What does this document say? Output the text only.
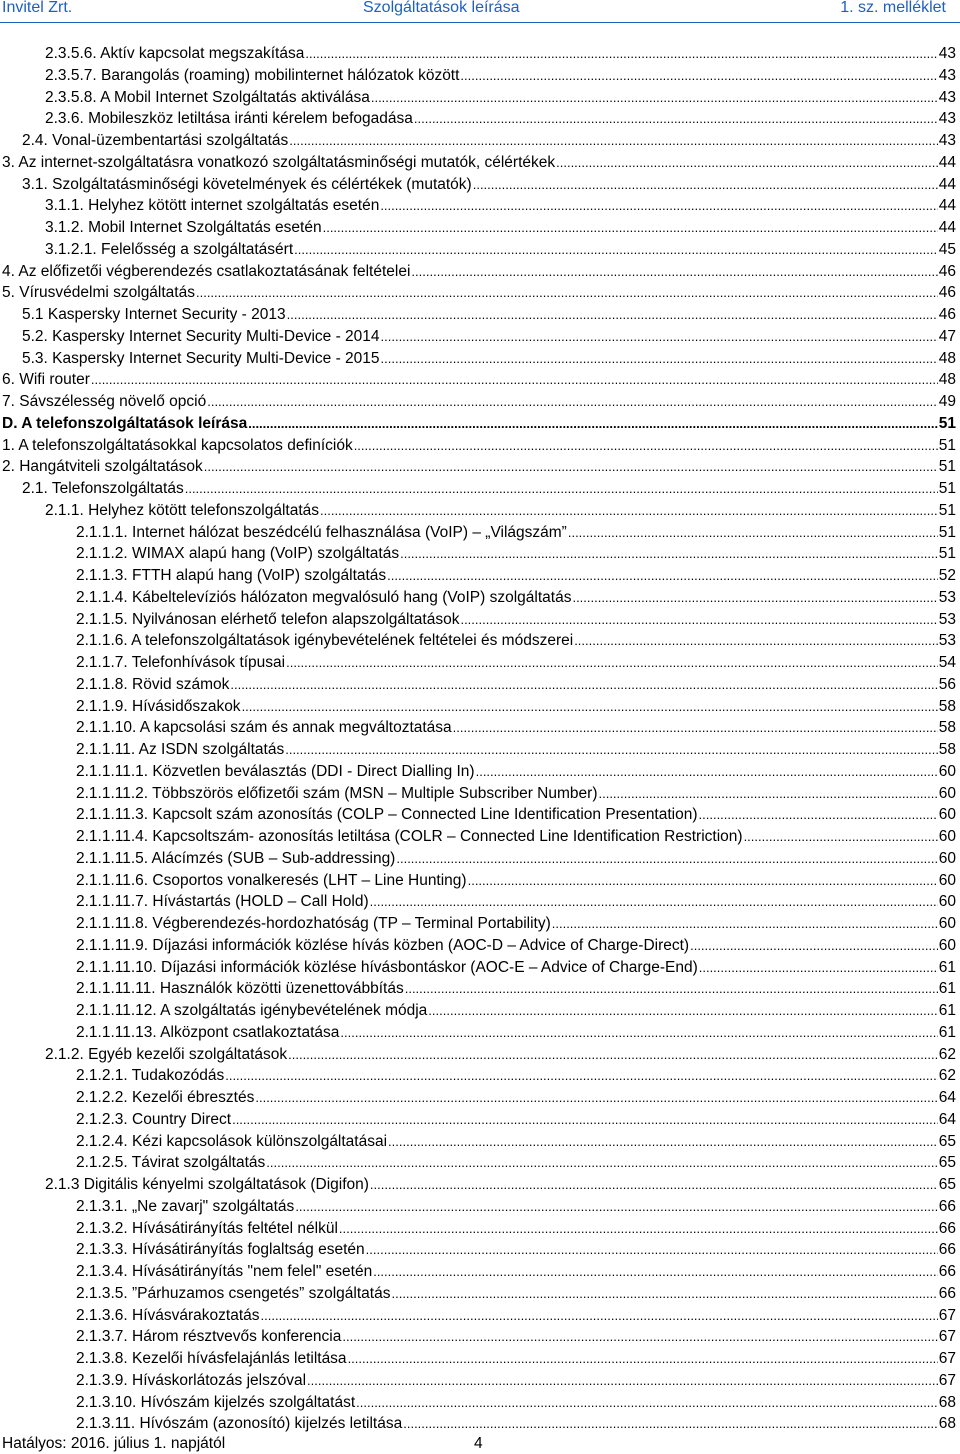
Invitel Zrt.	Szolgáltatások leírása	1. sz. melléklet
2.3.5.6. Aktív kapcsolat megszakítása .....	43
2.3.5.7. Barangolás (roaming) mobilinternet hálózatok között .....	43
2.3.5.8. A Mobil Internet Szolgáltatás aktiválása .....	43
2.3.6. Mobileszköz letiltása iránti kérelem befogadása .....	43
2.4. Vonal-üzembentartási szolgáltatás .....	43
3. Az internet-szolgáltatásra vonatkozó szolgáltatásminőségi mutatók, célértékek .....	44
3.1. Szolgáltatásminőségi követelmények és célértékek (mutatók) .....	44
3.1.1. Helyhez kötött internet szolgáltatás esetén .....	44
3.1.2. Mobil Internet Szolgáltatás esetén .....	44
3.1.2.1. Felelősség a szolgáltatásért .....	45
4. Az előfizetői végberendezés csatlakoztatásának feltételei .....	46
5. Vírusvédelmi szolgáltatás .....	46
5.1 Kaspersky Internet Security - 2013 .....	46
5.2. Kaspersky Internet Security Multi-Device - 2014 .....	47
5.3. Kaspersky Internet Security Multi-Device - 2015 .....	48
6. Wifi router .....	48
7. Sávszélesség növelő opció .....	49
D. A telefonszolgáltatások leírása .....	51
1. A telefonszolgáltatásokkal kapcsolatos definíciók .....	51
2. Hangátviteli szolgáltatások .....	51
2.1. Telefonszolgáltatás .....	51
2.1.1. Helyhez kötött telefonszolgáltatás .....	51
2.1.1.1. Internet hálózat beszédcélú felhasználása (VoIP) – „Világszám” .....	51
2.1.1.2. WIMAX alapú hang (VoIP) szolgáltatás .....	51
2.1.1.3. FTTH alapú hang (VoIP) szolgáltatás .....	52
2.1.1.4. Kábeltelevíziós hálózaton megvalósuló hang (VoIP) szolgáltatás .....	53
2.1.1.5. Nyilvánosan elérhető telefon alapszolgáltatások .....	53
2.1.1.6. A telefonszolgáltatások igénybevételének feltételei és módszerei .....	53
2.1.1.7. Telefonhívások típusai .....	54
2.1.1.8. Rövid számok .....	56
2.1.1.9. Hívásidőszakok .....	58
2.1.1.10. A kapcsolási szám és annak megváltoztatása .....	58
2.1.1.11. Az ISDN szolgáltatás .....	58
2.1.1.11.1. Közvetlen beválasztás (DDI - Direct Dialling In) .....	60
2.1.1.11.2. Többszörös előfizetői szám (MSN – Multiple Subscriber Number) .....	60
2.1.1.11.3. Kapcsolt szám azonosítás (COLP – Connected Line Identification Presentation) .....	60
2.1.1.11.4. Kapcsoltszám- azonosítás letiltása (COLR – Connected Line Identification Restriction) .....	60
2.1.1.11.5. Alácímzés (SUB – Sub-addressing) .....	60
2.1.1.11.6. Csoportos vonalkeresés (LHT – Line Hunting) .....	60
2.1.1.11.7. Hívástartás (HOLD – Call Hold) .....	60
2.1.1.11.8. Végberendezés-hordozhatóság (TP – Terminal Portability) .....	60
2.1.1.11.9. Díjazási információk közlése hívás közben (AOC-D – Advice of Charge-Direct) .....	60
2.1.1.11.10. Díjazási információk közlése hívásbontáskor (AOC-E – Advice of Charge-End) .....	61
2.1.1.11.11. Használók közötti üzenettovábbítás .....	61
2.1.1.11.12. A szolgáltatás igénybevételének módja .....	61
2.1.1.11.13. Alközpont csatlakoztatása .....	61
2.1.2. Egyéb kezelői szolgáltatások .....	62
2.1.2.1. Tudakozódás .....	62
2.1.2.2. Kezelői ébresztés .....	64
2.1.2.3. Country Direct .....	64
2.1.2.4. Kézi kapcsolások különszolgáltatásai .....	65
2.1.2.5. Távirat szolgáltatás .....	65
2.1.3 Digitális kényelmi szolgáltatások (Digifon) .....	65
2.1.3.1. „Ne zavarj" szolgáltatás .....	66
2.1.3.2. Hívásátirányítás feltétel nélkül .....	66
2.1.3.3. Hívásátirányítás foglaltság esetén .....	66
2.1.3.4. Hívásátirányítás "nem felel" esetén .....	66
2.1.3.5. ”Párhuzamos csengetés” szolgáltatás .....	66
2.1.3.6. Hívásvárakoztatás .....	67
2.1.3.7. Három résztvevős konferencia .....	67
2.1.3.8. Kezelői hívásfelajánlás letiltása .....	67
2.1.3.9. Híváskorlátozás jelszóval .....	67
2.1.3.10. Hívószám kijelzés szolgáltatást .....	68
2.1.3.11. Hívószám (azonosító) kijelzés letiltása .....	68
Hatályos: 2016. július 1. napjától	4
